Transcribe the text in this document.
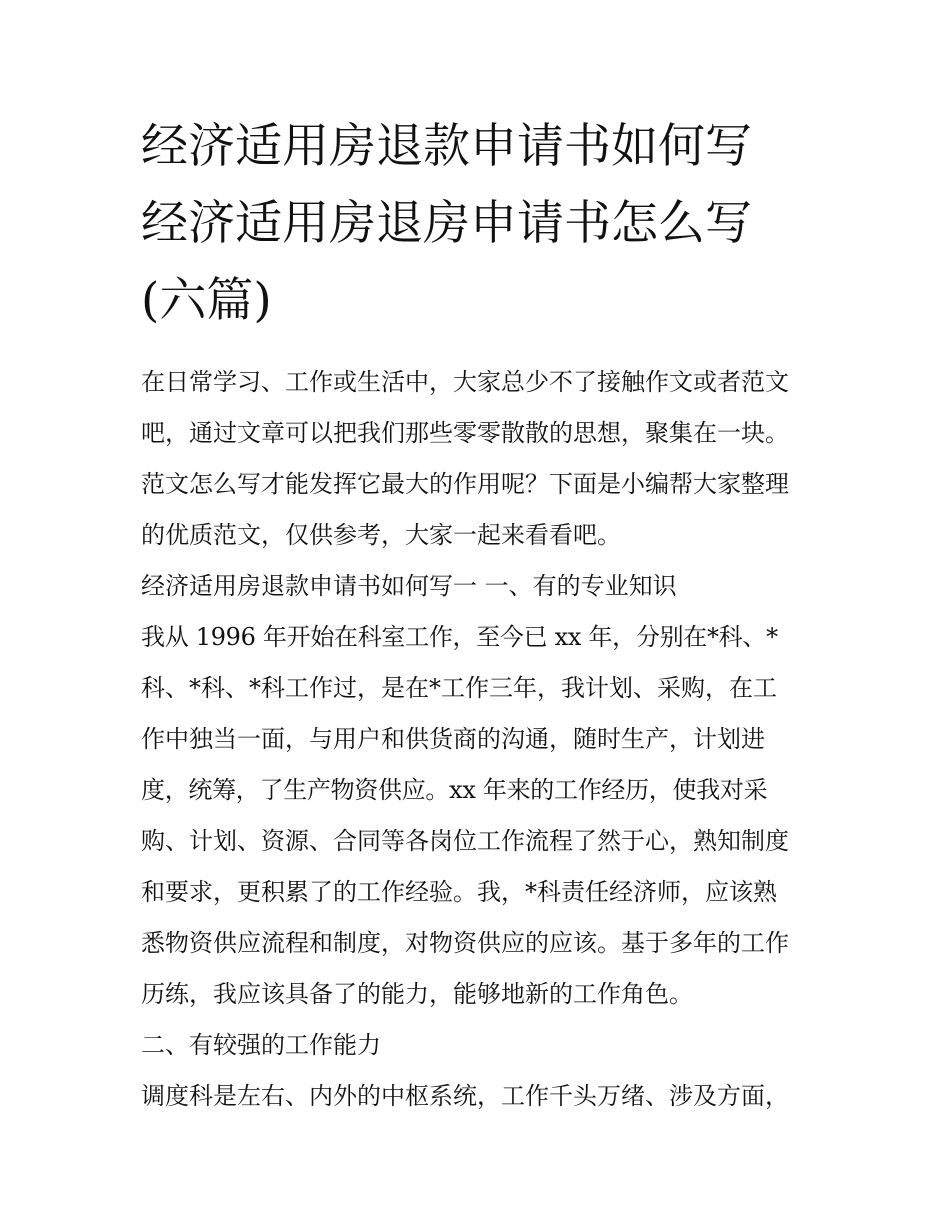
经济适用房退款申请书如何写
经济适用房退房申请书怎么写
(六篇)
在日常学习、工作或生活中，大家总少不了接触作文或者范文
吧，通过文章可以把我们那些零零散散的思想，聚集在一块。
范文怎么写才能发挥它最大的作用呢？下面是小编帮大家整理
的优质范文，仅供参考，大家一起来看看吧。
经济适用房退款申请书如何写一 一、有的专业知识
我从 1996 年开始在科室工作，至今已 xx 年，分别在*科、*
科、*科、*科工作过，是在*工作三年，我计划、采购，在工
作中独当一面，与用户和供货商的沟通，随时生产，计划进
度，统筹，了生产物资供应。xx 年来的工作经历，使我对采
购、计划、资源、合同等各岗位工作流程了然于心，熟知制度
和要求，更积累了的工作经验。我，*科责任经济师，应该熟
悉物资供应流程和制度，对物资供应的应该。基于多年的工作
历练，我应该具备了的能力，能够地新的工作角色。
二、有较强的工作能力
调度科是左右、内外的中枢系统，工作千头万绪、涉及方面，
